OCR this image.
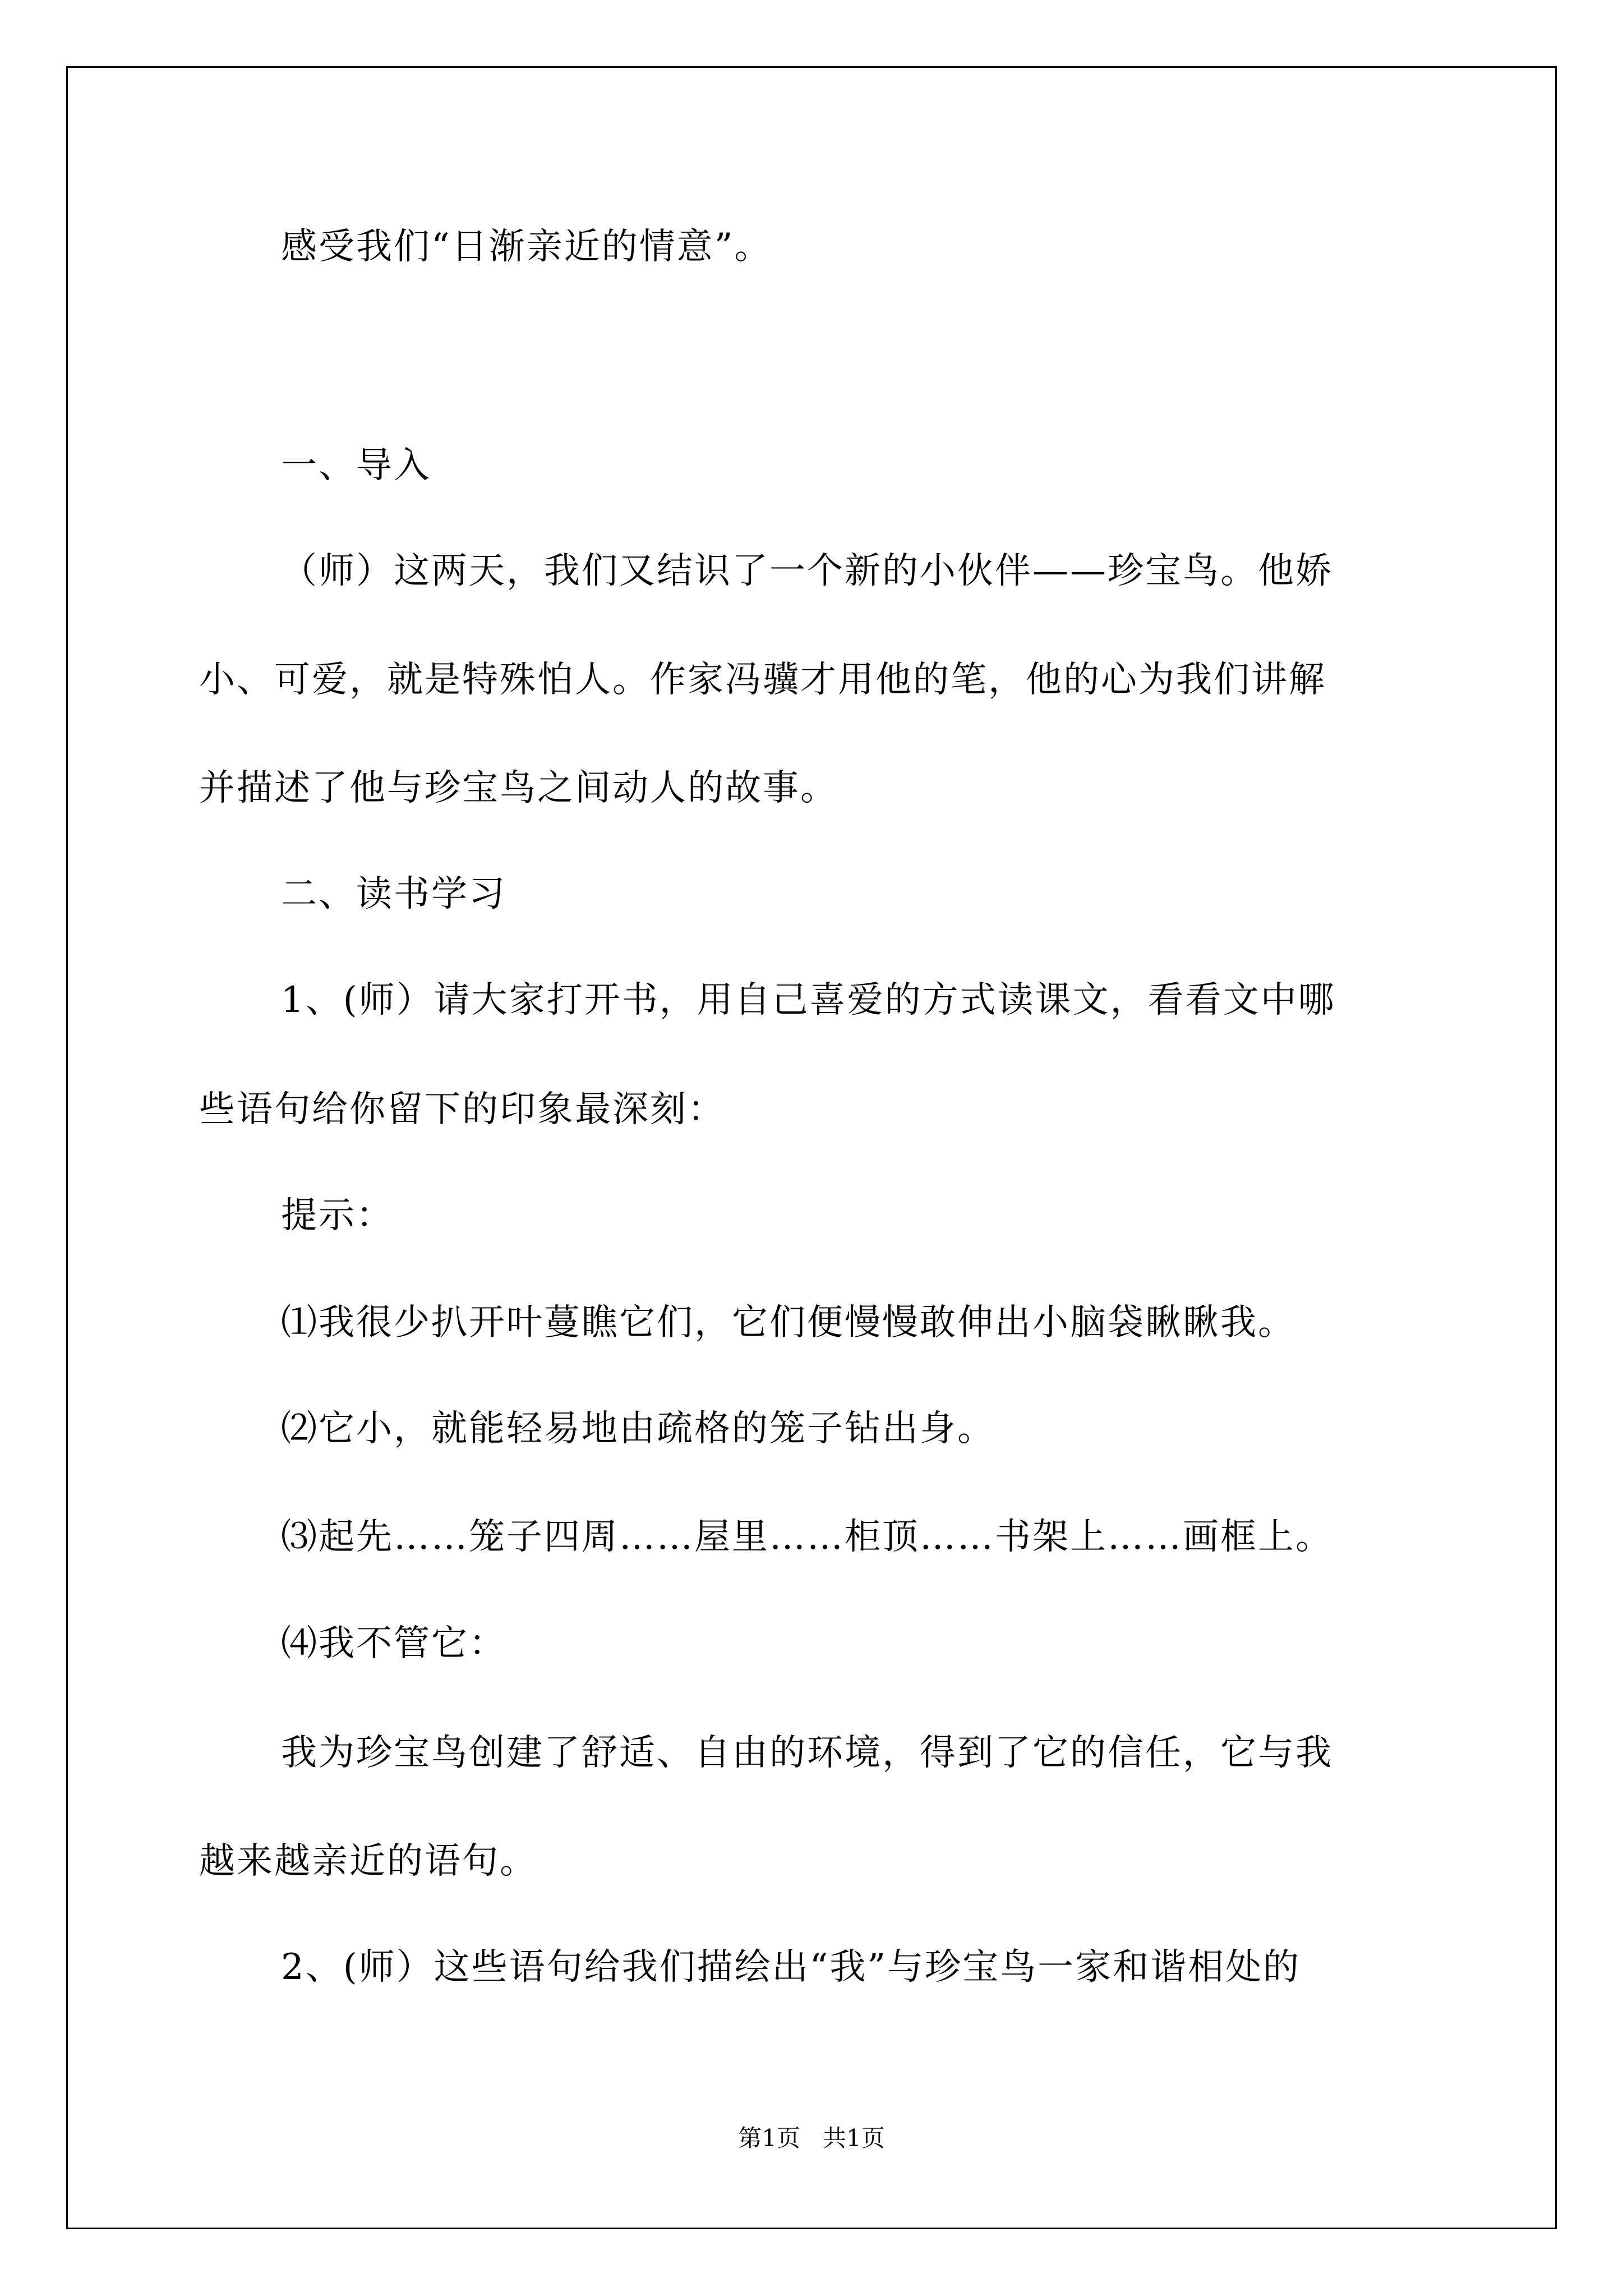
感受我们“日渐亲近的情意”。
一、导入
（师）这两天，我们又结识了一个新的小伙伴——珍宝鸟。他娇
小、可爱，就是特殊怕人。作家冯骥才用他的笔，他的心为我们讲解
并描述了他与珍宝鸟之间动人的故事。
二、读书学习
1、(师）请大家打开书，用自己喜爱的方式读课文，看看文中哪
些语句给你留下的印象最深刻：
提示：
⑴我很少扒开叶蔓瞧它们，它们便慢慢敢伸出小脑袋瞅瞅我。
⑵它小，就能轻易地由疏格的笼子钻出身。
⑶起先……笼子四周……屋里……柜顶……书架上……画框上。
⑷我不管它：
我为珍宝鸟创建了舒适、自由的环境，得到了它的信任，它与我
越来越亲近的语句。
2、(师）这些语句给我们描绘出“我”与珍宝鸟一家和谐相处的
第1页   共1页
